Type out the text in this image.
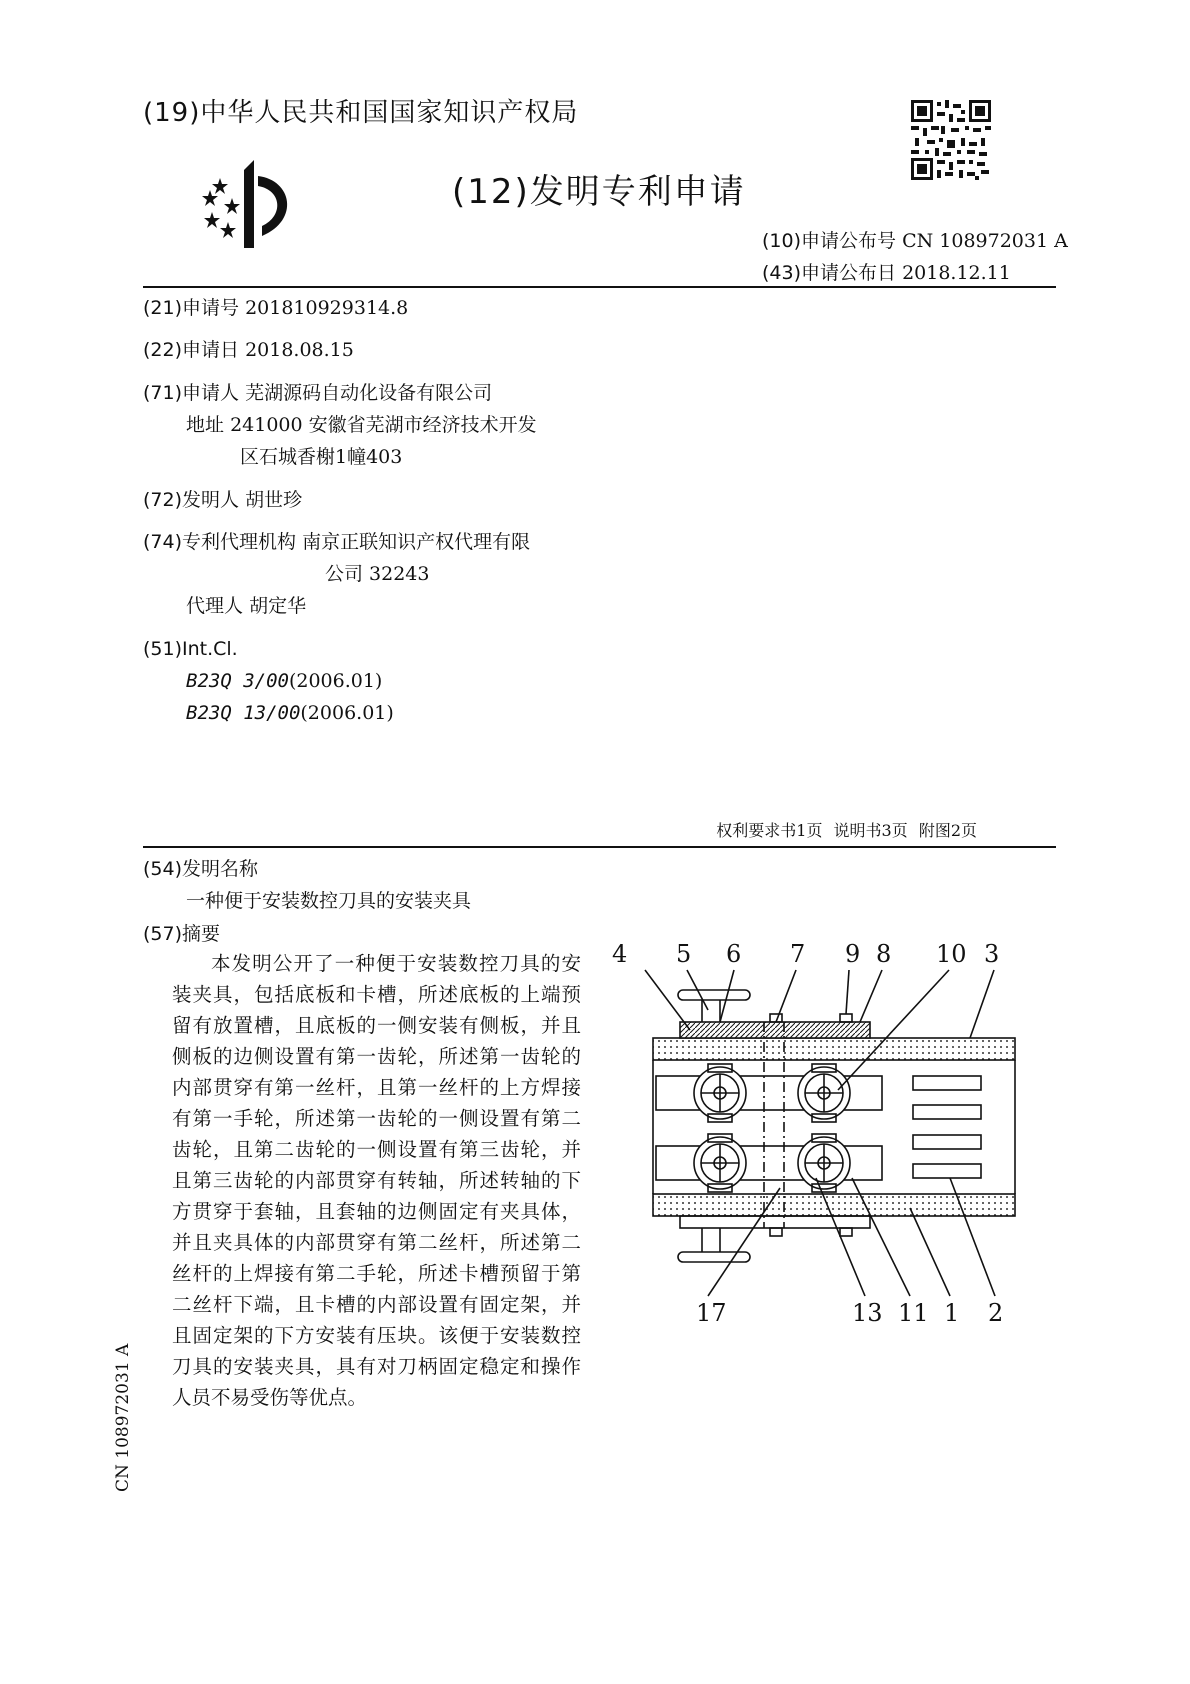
(19)中华人民共和国国家知识产权局
(12)发明专利申请
(10)申请公布号 CN 108972031 A
(43)申请公布日 2018.12.11
(21)申请号 201810929314.8
(22)申请日 2018.08.15
(71)申请人 芜湖源码自动化设备有限公司
地址 241000 安徽省芜湖市经济技术开发
区石城香榭1幢403
(72)发明人 胡世珍
(74)专利代理机构 南京正联知识产权代理有限
公司 32243
代理人 胡定华
(51)Int.Cl.
B23Q 3/00(2006.01)
B23Q 13/00(2006.01)
权利要求书1页 说明书3页 附图2页
(54)发明名称
一种便于安装数控刀具的安装夹具
(57)摘要
本发明公开了一种便于安装数控刀具的安装夹具，包括底板和卡槽，所述底板的上端预留有放置槽，且底板的一侧安装有侧板，并且侧板的边侧设置有第一齿轮，所述第一齿轮的内部贯穿有第一丝杆，且第一丝杆的上方焊接有第一手轮，所述第一齿轮的一侧设置有第二齿轮，且第二齿轮的一侧设置有第三齿轮，并且第三齿轮的内部贯穿有转轴，所述转轴的下方贯穿于套轴，且套轴的边侧固定有夹具体，并且夹具体的内部贯穿有第二丝杆，所述第二丝杆的上焊接有第二手轮，所述卡槽预留于第二丝杆下端，且卡槽的内部设置有固定架，并且固定架的下方安装有压块。该便于安装数控刀具的安装夹具，具有对刀柄固定稳定和操作人员不易受伤等优点。
CN 108972031 A
4 5 6 7 9 8 10 3
17	13 11 1 2
